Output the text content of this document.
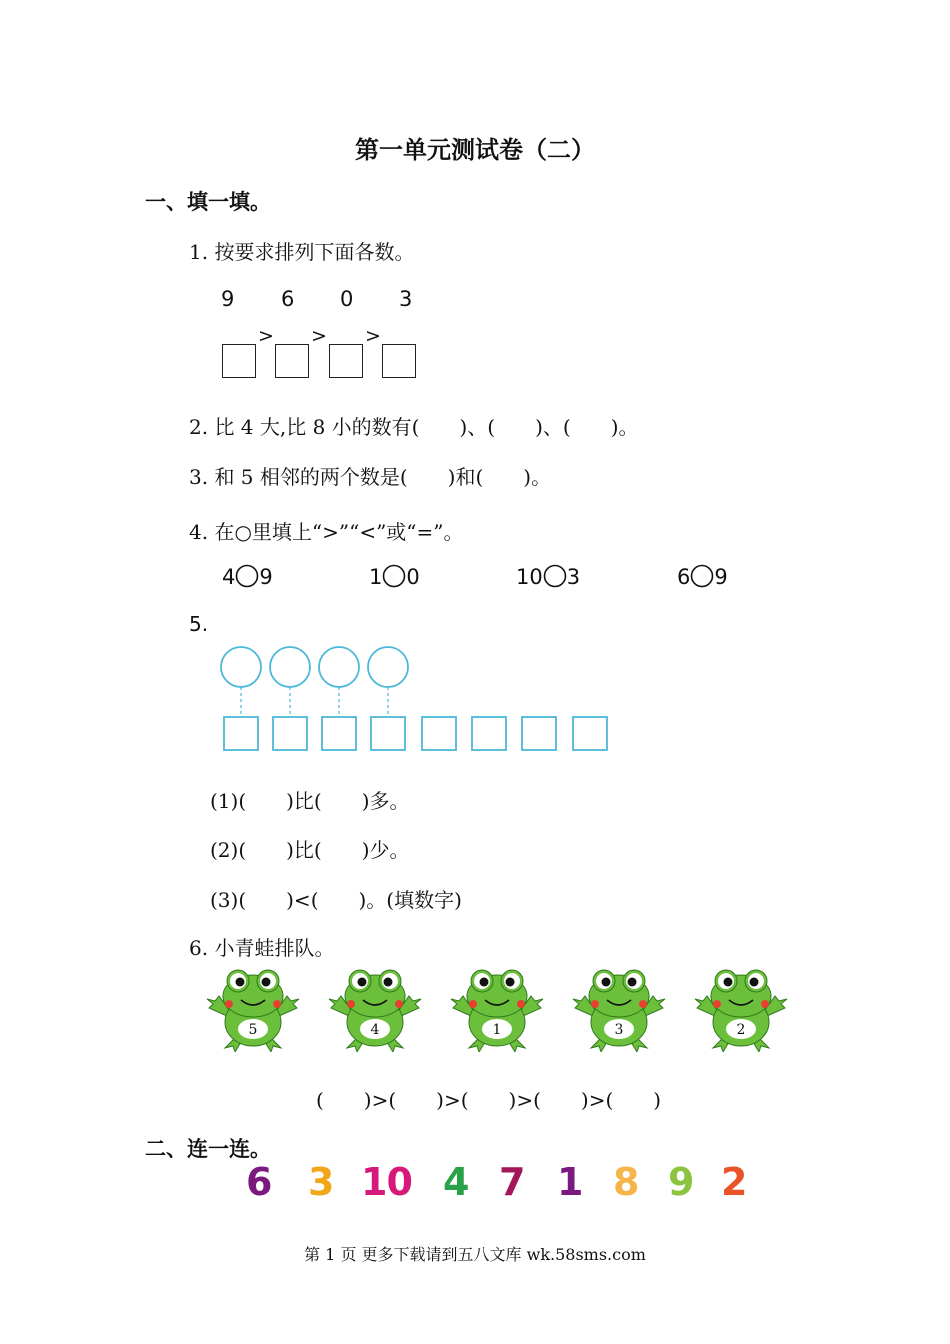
第一单元测试卷（二）
一、填一填。
1. 按要求排列下面各数。
9 6 0 3
> > >
2. 比 4 大,比 8 小的数有(　　)、(　　)、(　　)。
3. 和 5 相邻的两个数是(　　)和(　　)。
4. 在○里填上“>”“<”或“=”。
4 9	1 0	10 3	6 9
5.
(1)(　　)比(　　)多。
(2)(　　)比(　　)少。
(3)(　　)<(　　)。(填数字)
6. 小青蛙排队。
5	4	1	3	2
(　　)>(　　)>(　　)>(　　)>(　　)
二、连一连。
6 3 10 4 7 1 8 9 2
第 1 页 更多下载请到五八文库 wk.58sms.com
